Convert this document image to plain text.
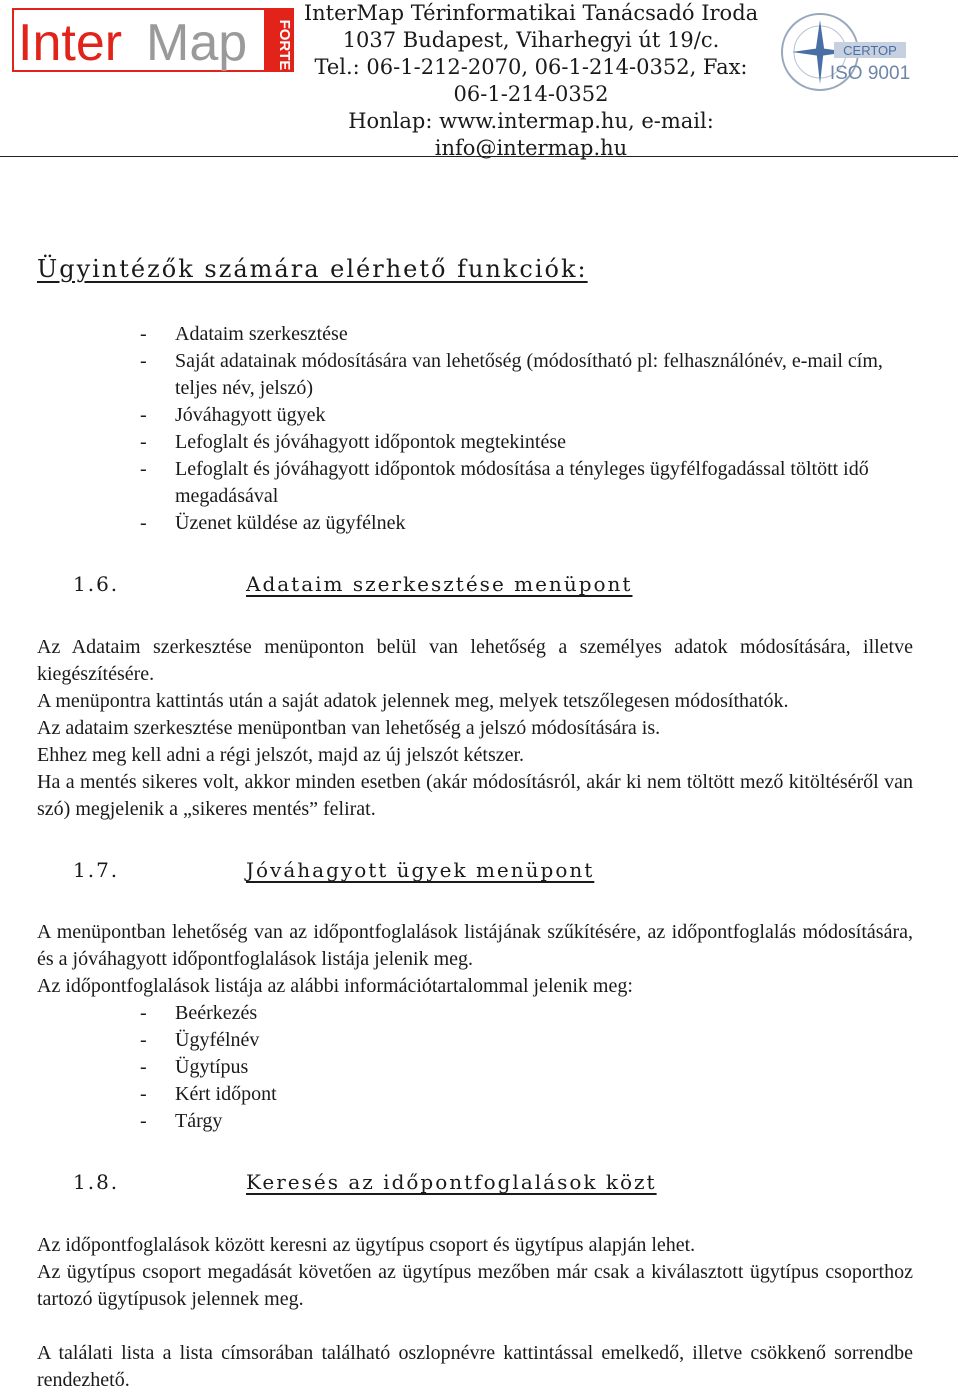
Inter Map FORTE
InterMap Térinformatikai Tanácsadó Iroda
1037 Budapest, Viharhegyi út 19/c.
Tel.: 06-1-212-2070, 06-1-214-0352, Fax:
06-1-214-0352
Honlap: www.intermap.hu, e-mail:
info@intermap.hu
CERTOP
ISO 9001
Ügyintézők számára elérhető funkciók:
- Adataim szerkesztése
- Saját adatainak módosítására van lehetőség (módosítható pl: felhasználónév, e-mail cím, teljes név, jelszó)
- Jóváhagyott ügyek
- Lefoglalt és jóváhagyott időpontok megtekintése
- Lefoglalt és jóváhagyott időpontok módosítása a tényleges ügyfélfogadással töltött idő megadásával
- Üzenet küldése az ügyfélnek
1.6.	Adataim szerkesztése menüpont

Az Adataim szerkesztése menüponton belül van lehetőség a személyes adatok módosítására, illetve kiegészítésére.

A menüpontra kattintás után a saját adatok jelennek meg, melyek tetszőlegesen módosíthatók.

Az adataim szerkesztése menüpontban van lehetőség a jelszó módosítására is.

Ehhez meg kell adni a régi jelszót, majd az új jelszót kétszer.

Ha a mentés sikeres volt, akkor minden esetben (akár módosításról, akár ki nem töltött mező kitöltéséről van szó) megjelenik a „sikeres mentés” felirat.

1.7.	Jóváhagyott ügyek menüpont

A menüpontban lehetőség van az időpontfoglalások listájának szűkítésére, az időpontfoglalás módosítására, és a jóváhagyott időpontfoglalások listája jelenik meg.

Az időpontfoglalások listája az alábbi információtartalommal jelenik meg:

- Beérkezés
- Ügyfélnév
- Ügytípus
- Kért időpont
- Tárgy
1.8.	Keresés az időpontfoglalások közt

Az időpontfoglalások között keresni az ügytípus csoport és ügytípus alapján lehet.

Az ügytípus csoport megadását követően az ügytípus mezőben már csak a kiválasztott ügytípus csoporthoz tartozó ügytípusok jelennek meg.

A találati lista a lista címsorában található oszlopnévre kattintással emelkedő, illetve csökkenő sorrendbe rendezhető.
